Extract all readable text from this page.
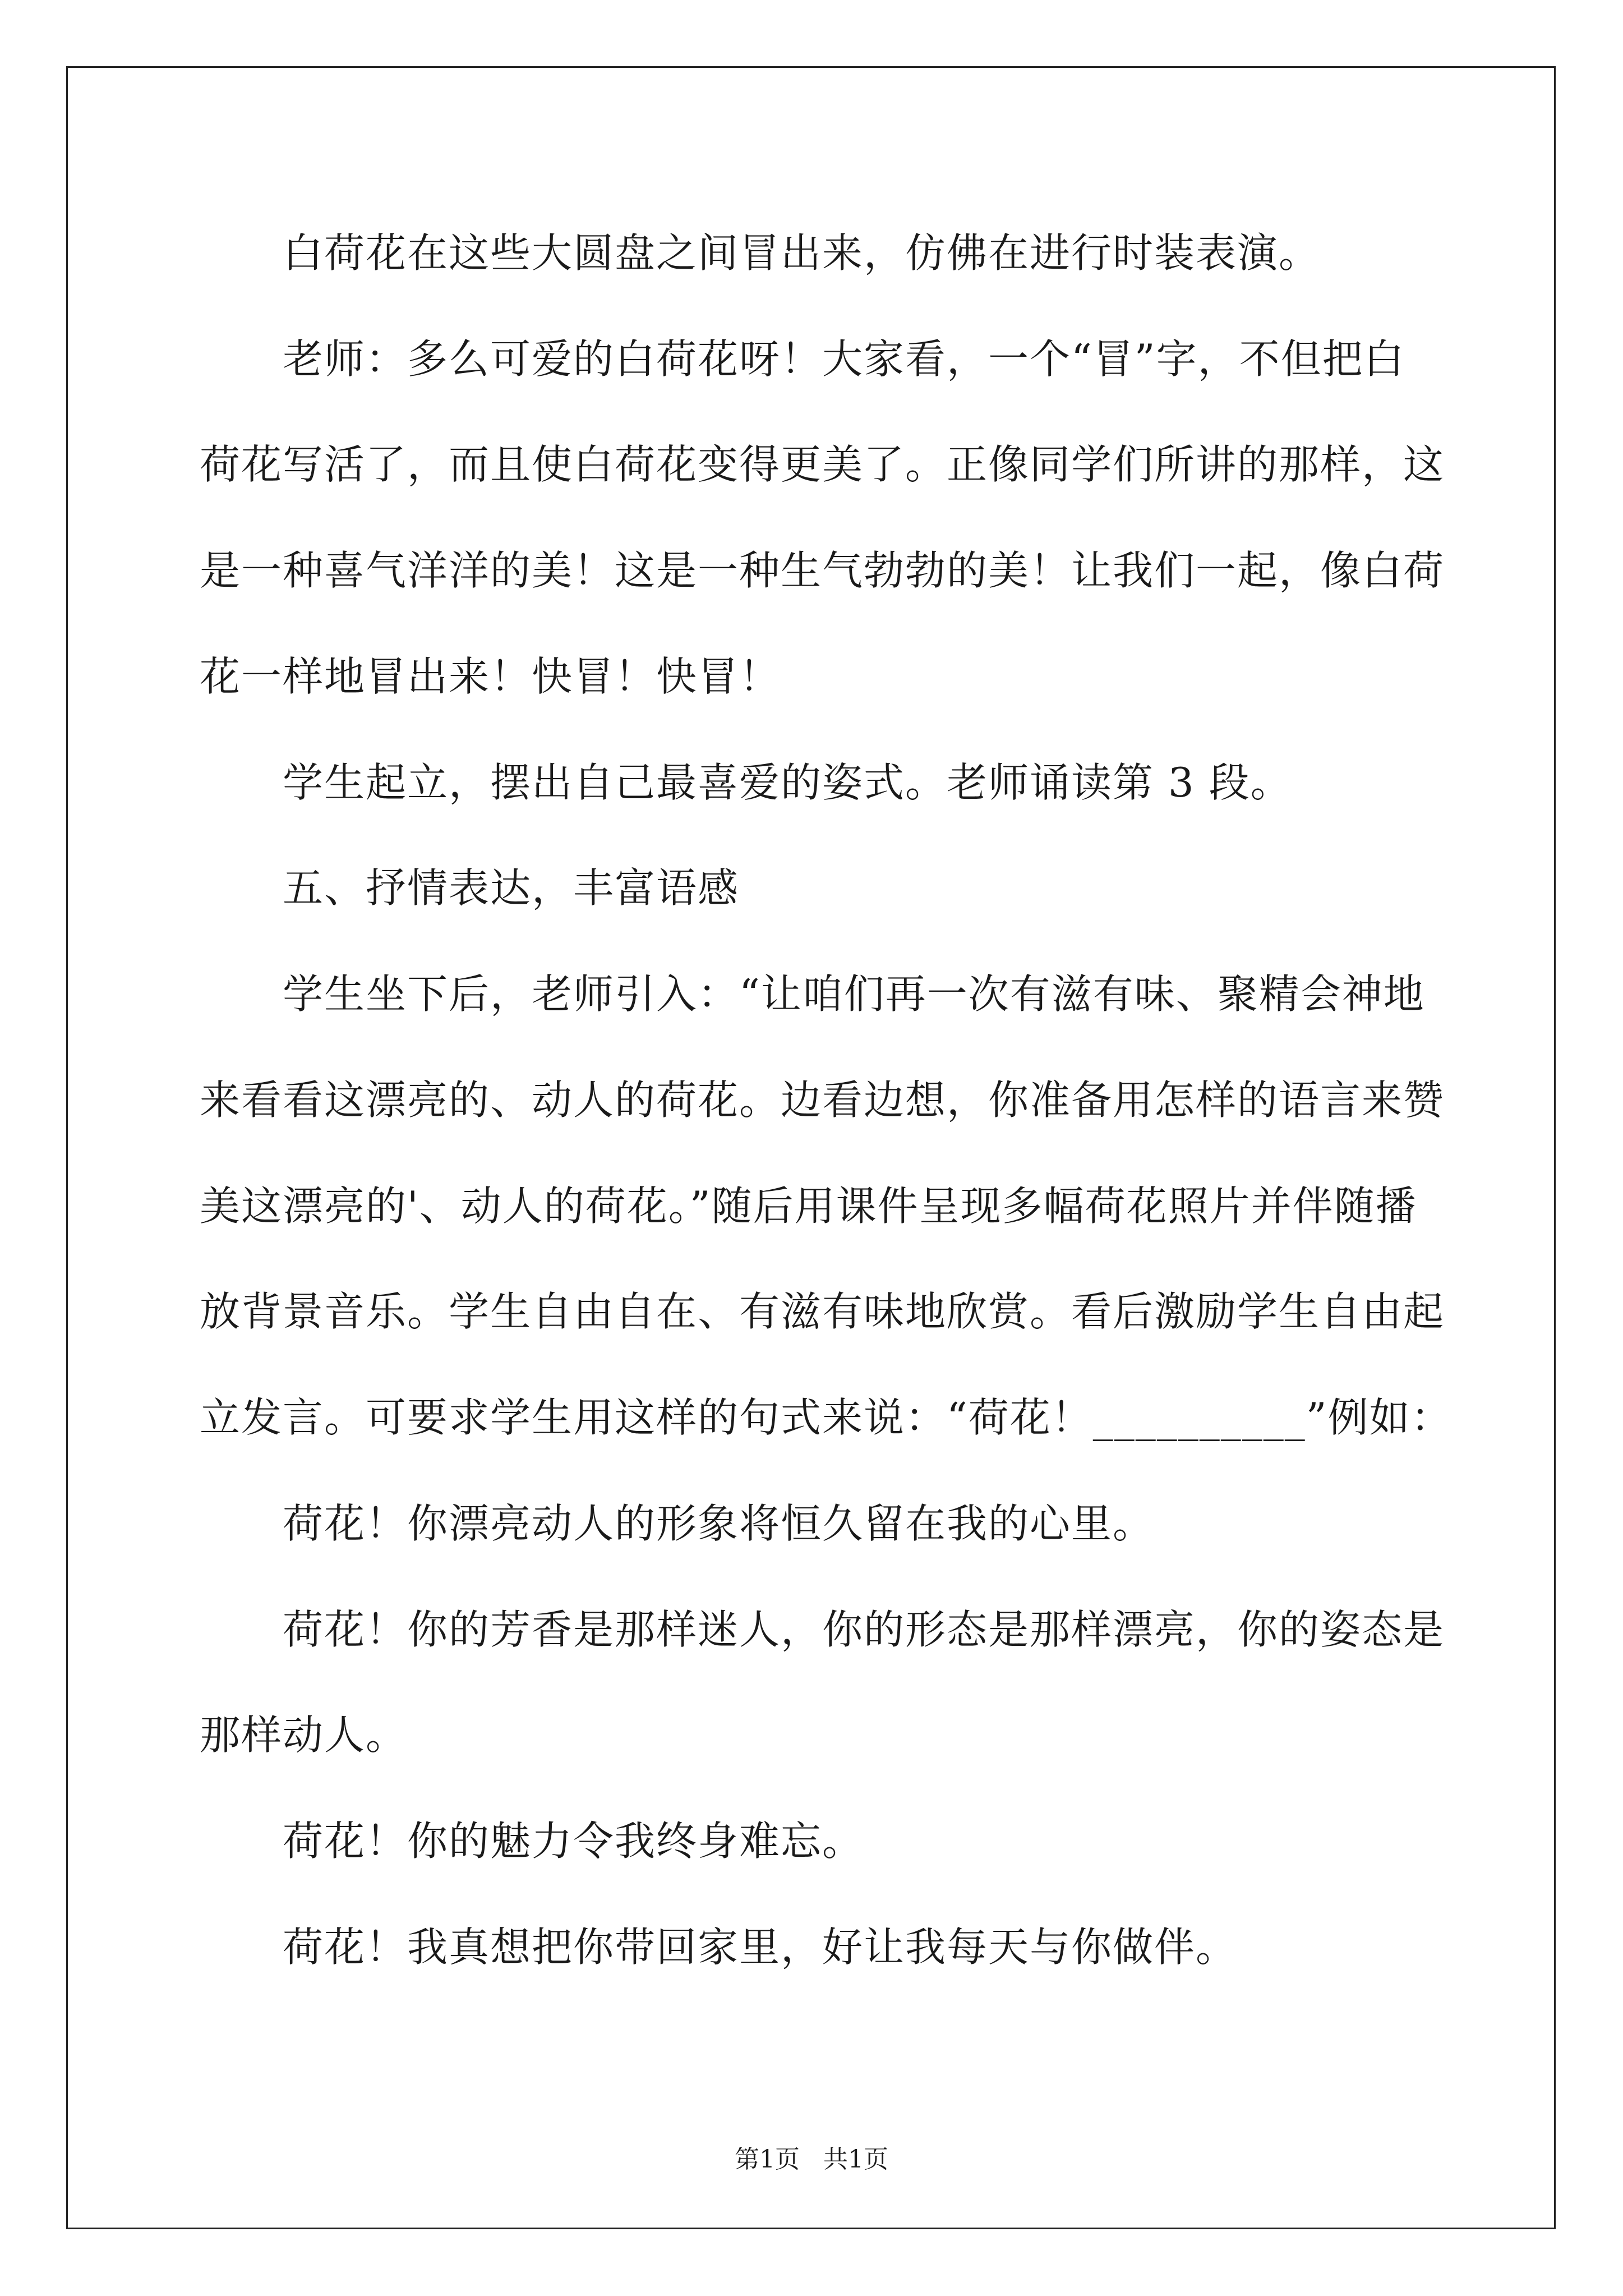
白荷花在这些大圆盘之间冒出来，仿佛在进行时装表演。
老师：多么可爱的白荷花呀！大家看，一个“冒”字，不但把白
荷花写活了，而且使白荷花变得更美了。正像同学们所讲的那样，这
是一种喜气洋洋的美！这是一种生气勃勃的美！让我们一起，像白荷
花一样地冒出来！快冒！快冒！
学生起立，摆出自己最喜爱的姿式。老师诵读第 3 段。
五、抒情表达，丰富语感
学生坐下后，老师引入：“让咱们再一次有滋有味、聚精会神地
来看看这漂亮的、动人的荷花。边看边想，你准备用怎样的语言来赞
美这漂亮的'、动人的荷花。”随后用课件呈现多幅荷花照片并伴随播
放背景音乐。学生自由自在、有滋有味地欣赏。看后激励学生自由起
立发言。可要求学生用这样的句式来说：“荷花！__________”例如：
荷花！你漂亮动人的形象将恒久留在我的心里。
荷花！你的芳香是那样迷人，你的形态是那样漂亮，你的姿态是
那样动人。
荷花！你的魅力令我终身难忘。
荷花！我真想把你带回家里，好让我每天与你做伴。
第1页 共1页
